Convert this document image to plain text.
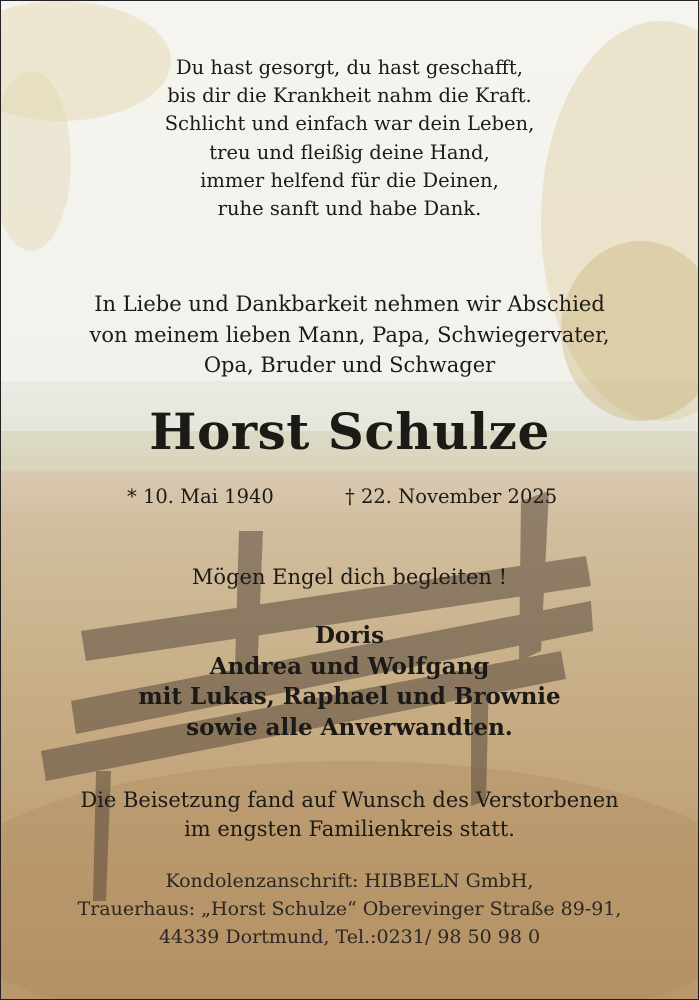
Du hast gesorgt, du hast geschafft,
bis dir die Krankheit nahm die Kraft.
Schlicht und einfach war dein Leben,
treu und fleißig deine Hand,
immer helfend für die Deinen,
ruhe sanft und habe Dank.
In Liebe und Dankbarkeit nehmen wir Abschied
von meinem lieben Mann, Papa, Schwiegervater,
Opa, Bruder und Schwager
Horst Schulze
* 10. Mai 1940	† 22. November 2025
Mögen Engel dich begleiten !
Doris
Andrea und Wolfgang
mit Lukas, Raphael und Brownie
sowie alle Anverwandten.
Die Beisetzung fand auf Wunsch des Verstorbenen
im engsten Familienkreis statt.
Kondolenzanschrift: HIBBELN GmbH,
Trauerhaus: „Horst Schulze“ Oberevinger Straße 89-91,
44339 Dortmund, Tel.:0231/ 98 50 98 0
